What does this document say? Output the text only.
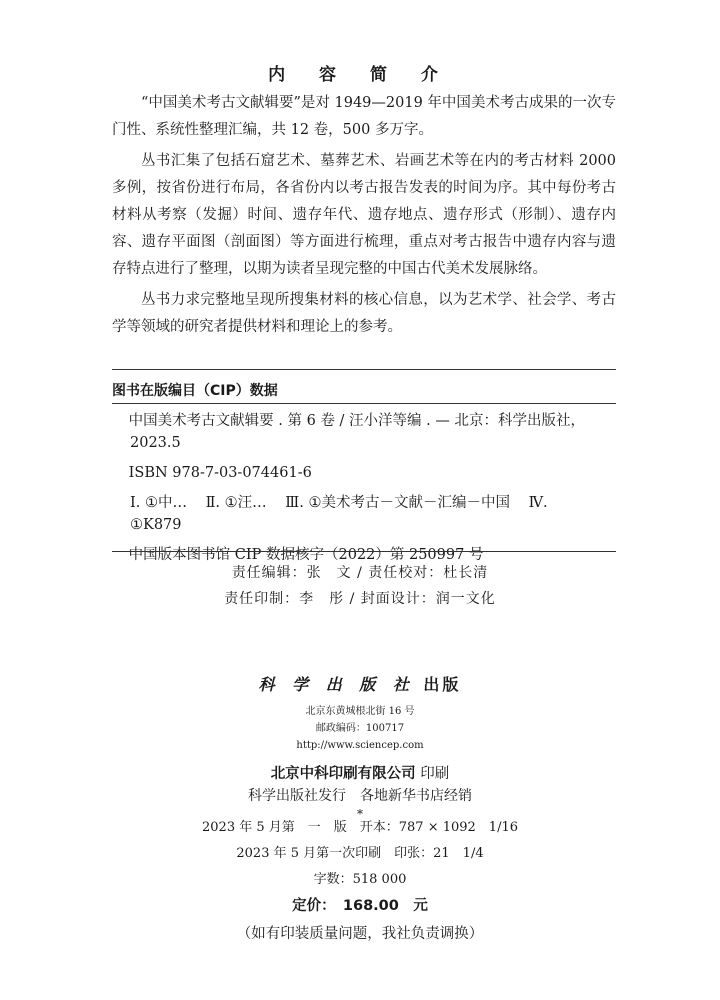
内 容 简 介

“中国美术考古文献辑要”是对 1949—2019 年中国美术考古成果的一次专门性、系统性整理汇编，共 12 卷，500 多万字。

丛书汇集了包括石窟艺术、墓葬艺术、岩画艺术等在内的考古材料 2000 多例，按省份进行布局，各省份内以考古报告发表的时间为序。其中每份考古材料从考察（发掘）时间、遗存年代、遗存地点、遗存形式（形制）、遗存内容、遗存平面图（剖面图）等方面进行梳理，重点对考古报告中遗存内容与遗存特点进行了整理，以期为读者呈现完整的中国古代美术发展脉络。

丛书力求完整地呈现所搜集材料的核心信息，以为艺术学、社会学、考古学等领域的研究者提供材料和理论上的参考。

图书在版编目（CIP）数据
中国美术考古文献辑要 . 第 6 卷 / 汪小洋等编 . — 北京：科学出版社，
2023.5
ISBN 978-7-03-074461-6
Ⅰ. ①中… Ⅱ. ①汪… Ⅲ. ①美术考古－文献－汇编－中国 Ⅳ. ①K879
中国版本图书馆 CIP 数据核字（2022）第 250997 号
责任编辑：张　文 / 责任校对：杜长清
责任印制：李　彤 / 封面设计：润一文化
科 学 出 版 社 出版
北京东黄城根北街 16 号
邮政编码：100717
http://www.sciencep.com
北京中科印刷有限公司 印刷
科学出版社发行　各地新华书店经销
*
2023 年 5 月第　一　版　开本：787 × 1092　1/16
2023 年 5 月第一次印刷　印张：21　1/4
字数：518 000
定价：　168.00　元
（如有印装质量问题，我社负责调换）
